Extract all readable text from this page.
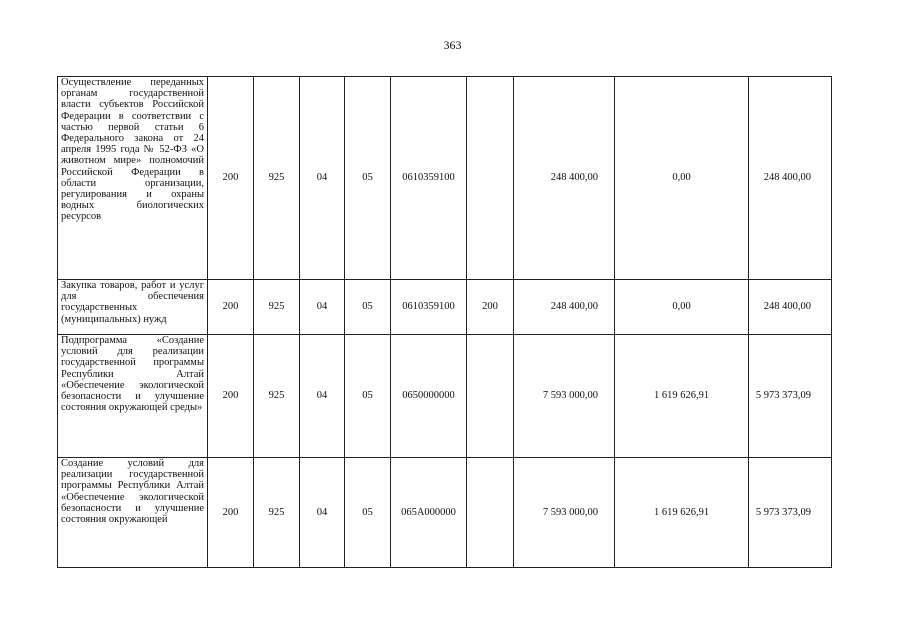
363
Осуществление переданных органам государственной власти субъектов Российской Федерации в соответствии с частью первой статьи 6 Федерального закона от 24 апреля 1995 года № 52-ФЗ «О животном мире» полномочий Российской Федерации в области организации, регулирования и охраны водных биологических ресурсов	200	925	04	05	0610359100		248 400,00	0,00	248 400,00
Закупка товаров, работ и услуг для обеспечения государственных (муниципальных) нужд	200	925	04	05	0610359100	200	248 400,00	0,00	248 400,00
Подпрограмма «Создание условий для реализации государственной программы Республики Алтай «Обеспечение экологической безопасности и улучшение состояния окружающей среды»	200	925	04	05	0650000000		7 593 000,00	1 619 626,91	5 973 373,09
Создание условий для реализации государственной программы Республики Алтай «Обеспечение экологической безопасности и улучшение состояния окружающей	200	925	04	05	065А000000		7 593 000,00	1 619 626,91	5 973 373,09
